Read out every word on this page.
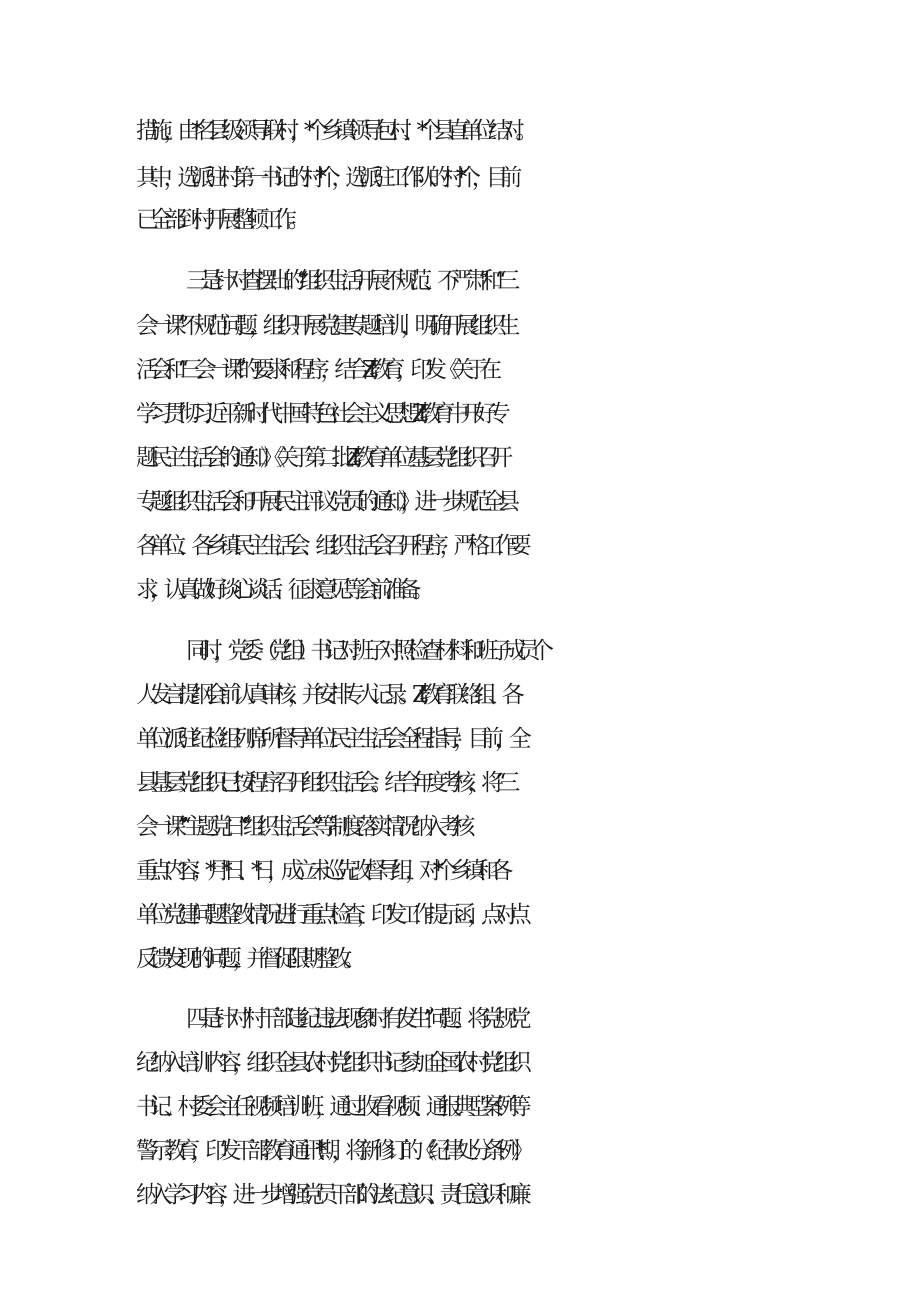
措施，由*名县级领导联村，*个乡镇领导包村、*个县直单位结对。
其中，选派驻村第一书记的村*个，选派驻工作队的村*个，目前
已全部到村开展整顿工作。
三是针对查摆出的“组织生活开展不规范、不严肃”和“三
会一课”不规范问题，组织开展党建专题培训，明确开展组织生
活会和“三会一课”的要求和程序，结合Zt教育，印发《关于在
学习贯彻习近平新时代中国特色社会主义思想Zt教育中开好专
题民主生活会的通知》《关于第二批Zt教育单位基层党组织召开
专题组织生活会和开展民主评议党员的通知》，进一步规范全县
各单位、各乡镇民主生活会、组织生活会召开程序，严格工作要
求，认真做好谈心谈话、征求意见等会前准备。
同时，党委（党组）书记对班子对照检查材料和班子成员个
人发言提纲会前认真审核，并安排专人记录。Zt教育联络组、各
单位派驻纪检组列席所督导单位民主生活会全程指导，目前，全
县基层党组织已按程序召开组织生活会。结合年度考核，将“三
会一课”“主题党日”“组织生活会”等制度落实情况纳入考核
重点内容；*月*日、*日，成立未巡先改督导组，对*个乡镇和各
单位党建问题整改情况进行重点检查，印发工作提示函，点对点
反馈发现的问题，并督促限期整改。
四是针对“村干部违纪违法现象时有发生”问题。将党规党
纪纳入培训内容，组织全县农村党组织书记参加全国农村党组织
书记、村委会主任视频培训班，通过收看视频、通报典型案例等
警示教育，印发干部教育通讯*期，将新修订的《纪律处分条例》
纳入学习内容，进一步增强党员干部的法纪意识、责任意识和廉
